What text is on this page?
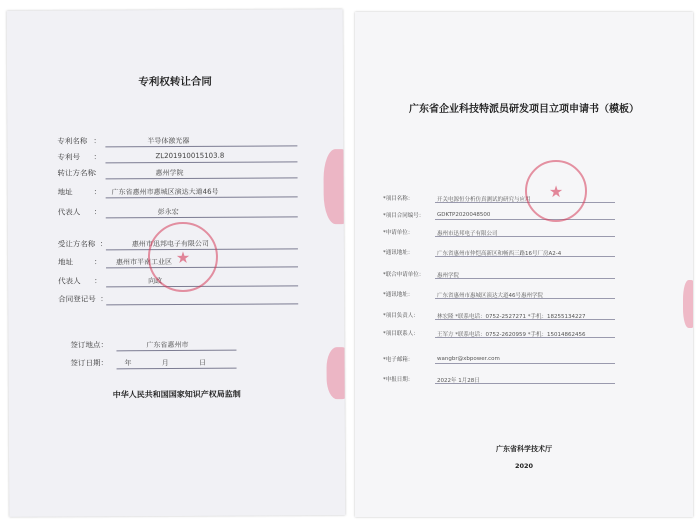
专利权转让合同
专利名称 ：	半导体激光器
专利号 ：	ZL201910015103.8
转让方名称
：	惠州学院
地址	： 广东省惠州市惠城区演达大道46号
代表人 ：	彭永宏
受让方名称 ：	惠州市迅邦电子有限公司
地址	： 惠州市平南工业区
代表人 ：	向政
合同登记号 ：
签订地点：	广东省惠州市
签订日期： 年 月 日
中华人民共和国国家知识产权局监制
★
广东省企业科技特派员研发项目立项申请书（模板）
*项目名称：	开关电源恒分析仿真测试的研究与应用
*项目合同编号： GDKTP2020048500
*申请单位：	惠州市迅邦电子有限公司
*通讯地址：	广东省惠州市仲恺高新区和畅西三路16号厂房A2-4
*联合申请单位： 惠州学院
*通讯地址：	广东省惠州市惠城区演达大道46号惠州学院
*项目负责人：	林宏隆 *联系电话：0752-2527271 *手机：18255134227
*项目联系人：	王军方 *联系电话：0752-2620959 *手机：15014862456
*电子邮箱：	wangbr@xbpower.com
*申报日期：	2022年 1月28日
★
广东省科学技术厅
2020
